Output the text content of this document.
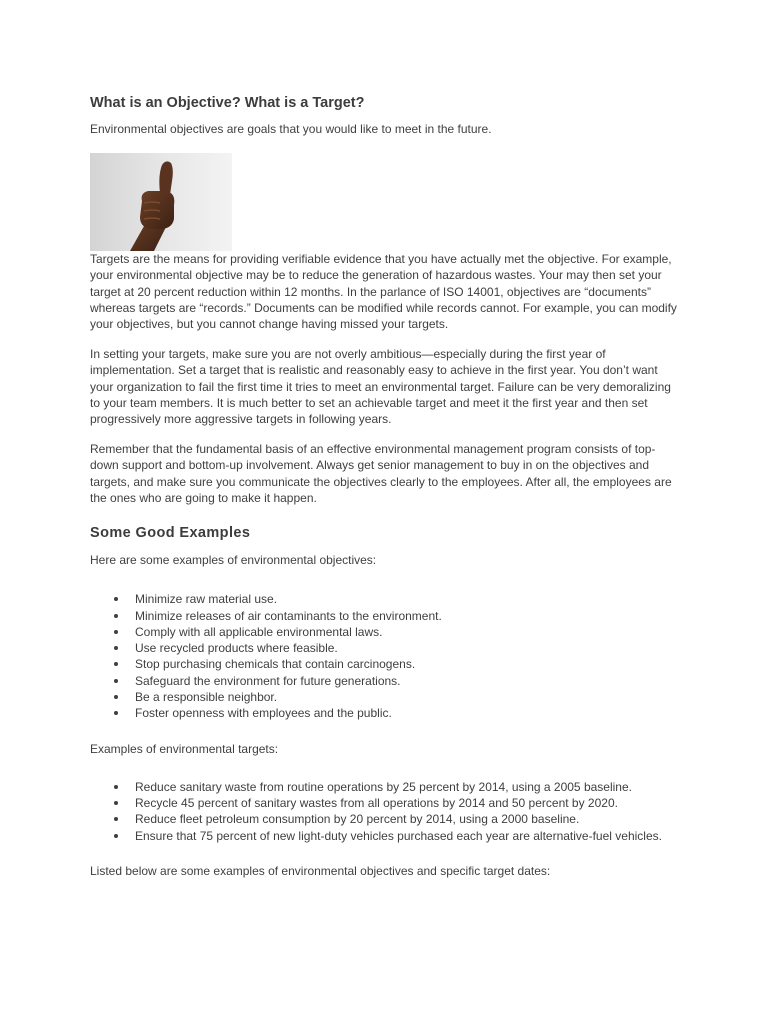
What is an Objective? What is a Target?

Environmental objectives are goals that you would like to meet in the future.

Targets are the means for providing verifiable evidence that you have actually met the objective. For example, your environmental objective may be to reduce the generation of hazardous wastes. Your may then set your target at 20 percent reduction within 12 months. In the parlance of ISO 14001, objectives are “documents” whereas targets are “records.” Documents can be modified while records cannot. For example, you can modify your objectives, but you cannot change having missed your targets.

In setting your targets, make sure you are not overly ambitious—especially during the first year of implementation. Set a target that is realistic and reasonably easy to achieve in the first year. You don’t want your organization to fail the first time it tries to meet an environmental target. Failure can be very demoralizing to your team members. It is much better to set an achievable target and meet it the first year and then set progressively more aggressive targets in following years.

Remember that the fundamental basis of an effective environmental management program consists of top-down support and bottom-up involvement. Always get senior management to buy in on the objectives and targets, and make sure you communicate the objectives clearly to the employees. After all, the employees are the ones who are going to make it happen.

Some Good Examples

Here are some examples of environmental objectives:

Minimize raw material use.
Minimize releases of air contaminants to the environment.
Comply with all applicable environmental laws.
Use recycled products where feasible.
Stop purchasing chemicals that contain carcinogens.
Safeguard the environment for future generations.
Be a responsible neighbor.
Foster openness with employees and the public.

Examples of environmental targets:

Reduce sanitary waste from routine operations by 25 percent by 2014, using a 2005 baseline.
Recycle 45 percent of sanitary wastes from all operations by 2014 and 50 percent by 2020.
Reduce fleet petroleum consumption by 20 percent by 2014, using a 2000 baseline.
Ensure that 75 percent of new light-duty vehicles purchased each year are alternative-fuel vehicles.

Listed below are some examples of environmental objectives and specific target dates:
